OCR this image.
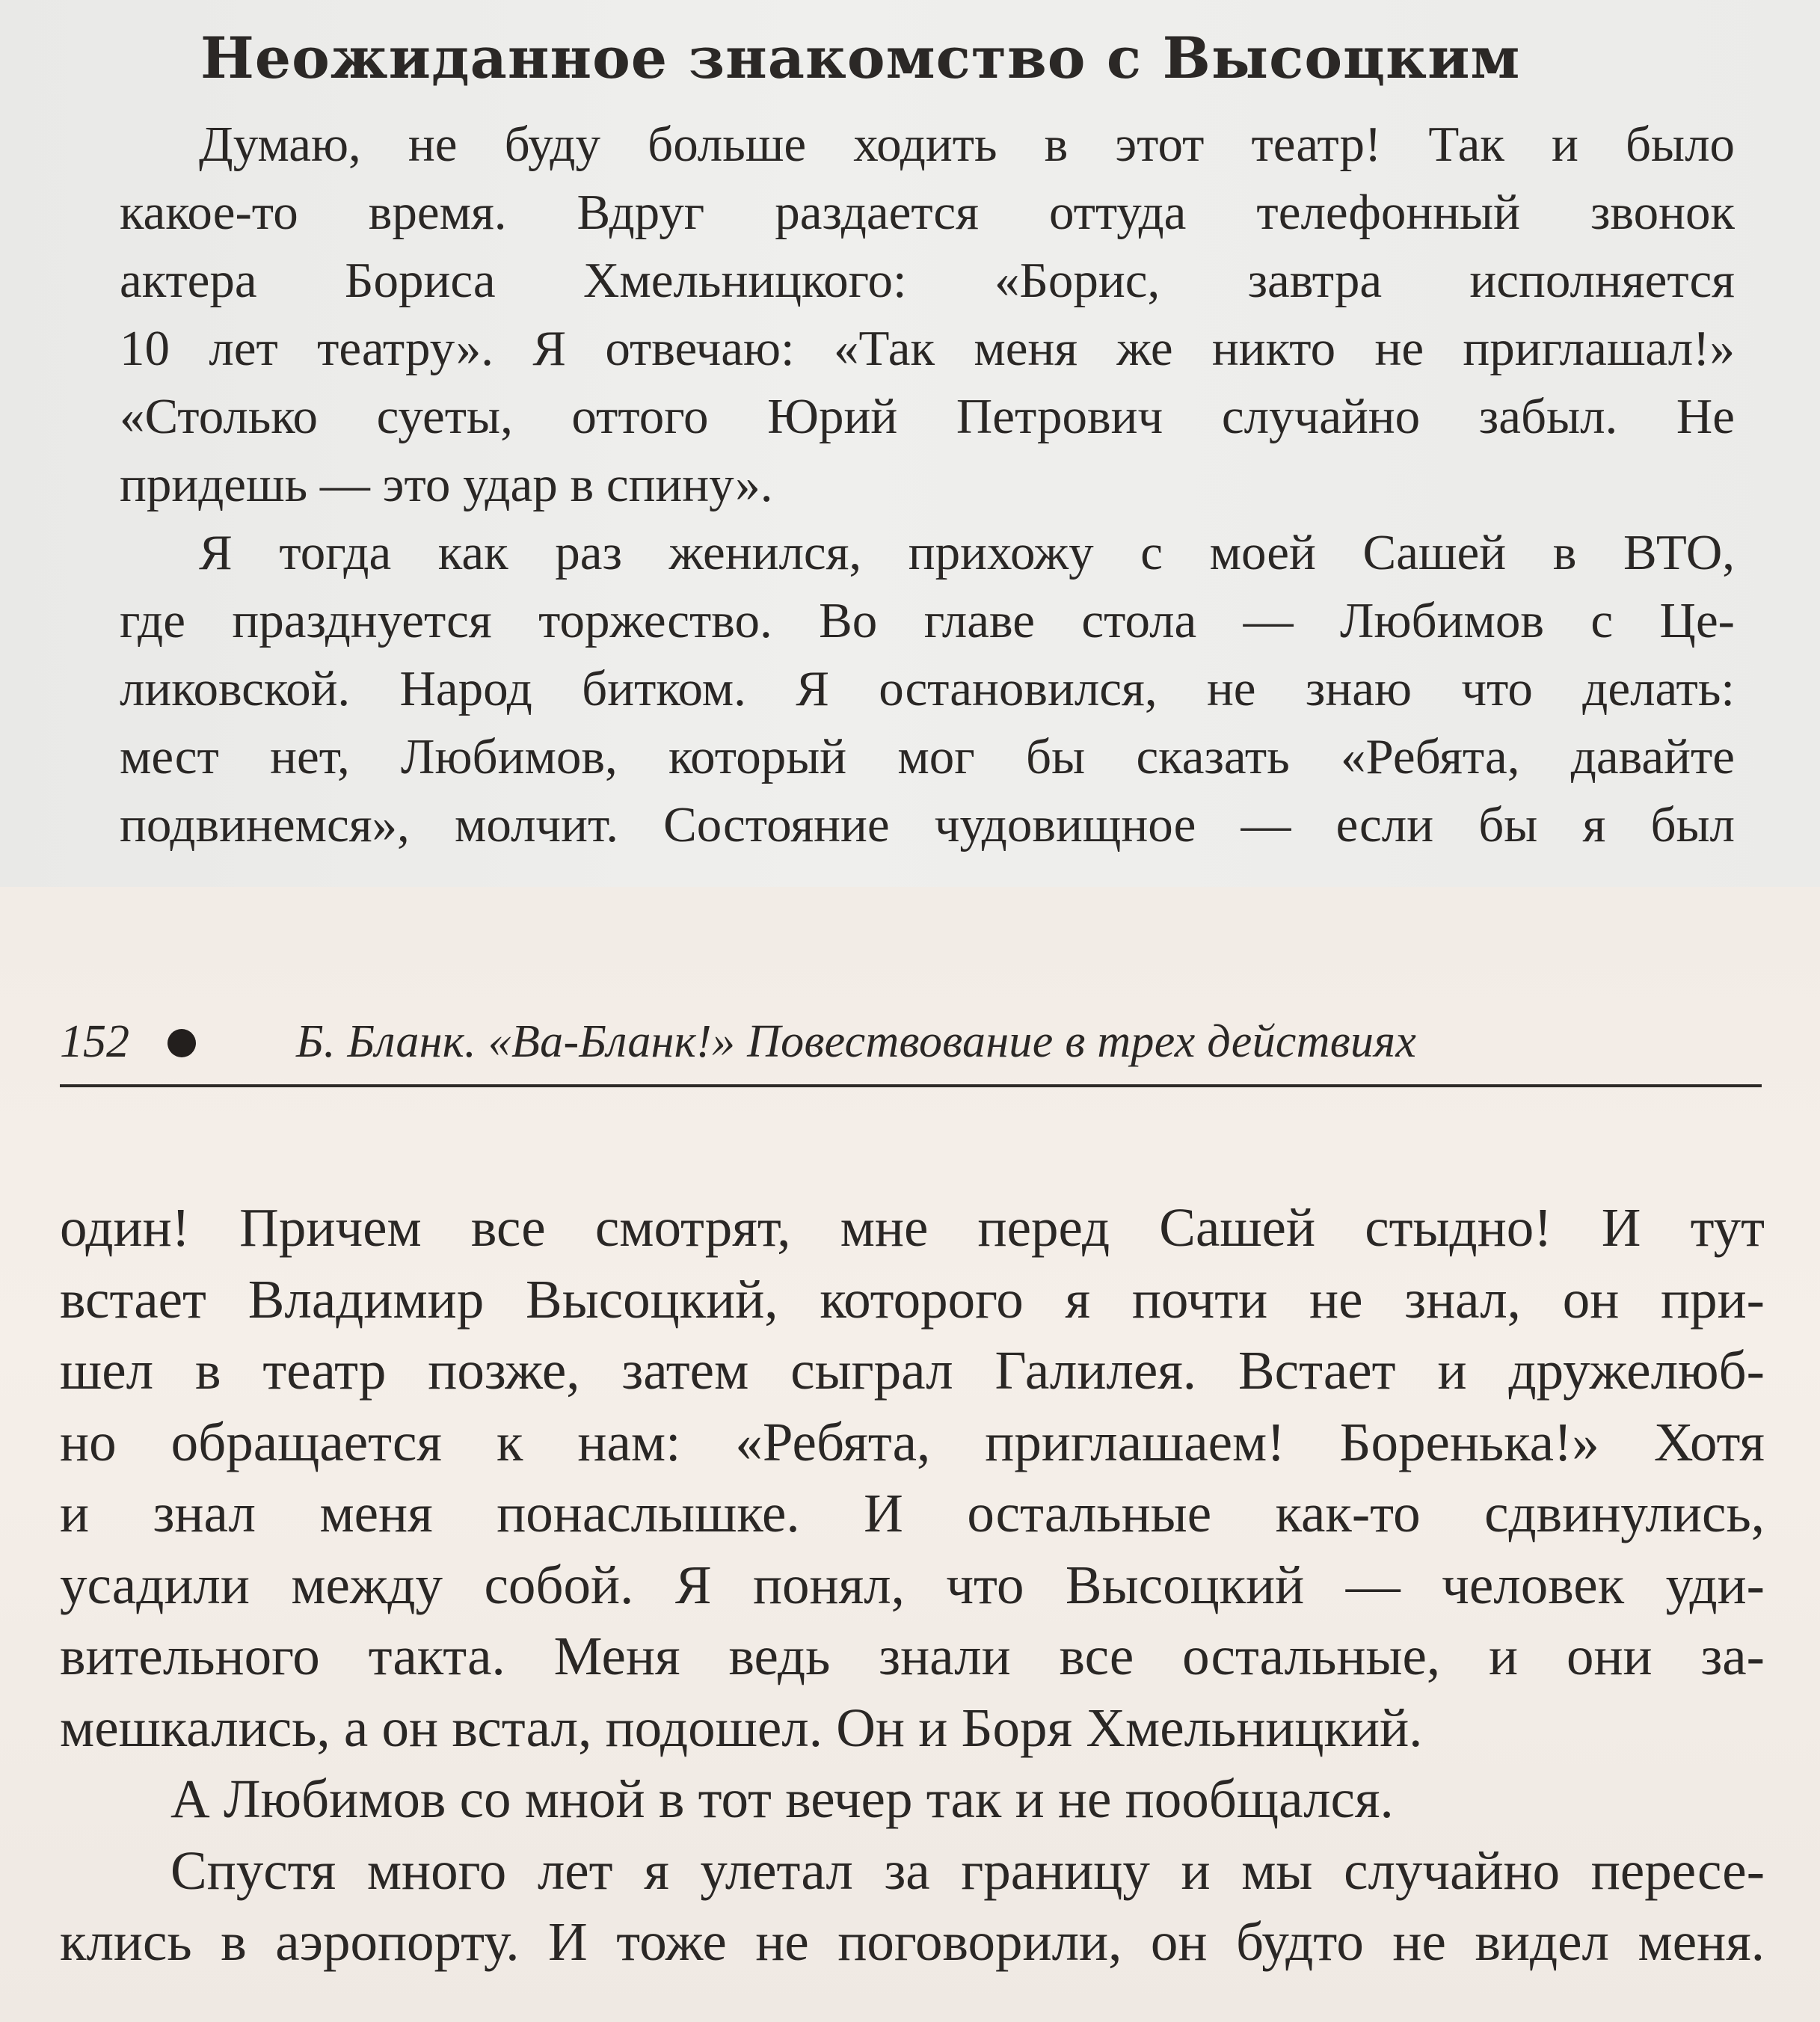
Неожиданное знакомство с Высоцким
Думаю, не буду больше ходить в этот театр! Так и было
какое-то время. Вдруг раздается оттуда телефонный звонок
актера Бориса Хмельницкого: «Борис, завтра исполняется
10 лет театру». Я отвечаю: «Так меня же никто не приглашал!»
«Столько суеты, оттого Юрий Петрович случайно забыл. Не
придешь — это удар в спину».
Я тогда как раз женился, прихожу с моей Сашей в ВТО,
где празднуется торжество. Во главе стола — Любимов с Це-
ликовской. Народ битком. Я остановился, не знаю что делать:
мест нет, Любимов, который мог бы сказать «Ребята, давайте
подвинемся», молчит. Состояние чудовищное — если бы я был
152	Б. Бланк. «Ва-Бланк!» Повествование в трех действиях
один! Причем все смотрят, мне перед Сашей стыдно! И тут
встает Владимир Высоцкий, которого я почти не знал, он при-
шел в театр позже, затем сыграл Галилея. Встает и дружелюб-
но обращается к нам: «Ребята, приглашаем! Боренька!» Хотя
и знал меня понаслышке. И остальные как-то сдвинулись,
усадили между собой. Я понял, что Высоцкий — человек уди-
вительного такта. Меня ведь знали все остальные, и они за-
мешкались, а он встал, подошел. Он и Боря Хмельницкий.
А Любимов со мной в тот вечер так и не пообщался.
Спустя много лет я улетал за границу и мы случайно пересе-
клись в аэропорту. И тоже не поговорили, он будто не видел меня.
